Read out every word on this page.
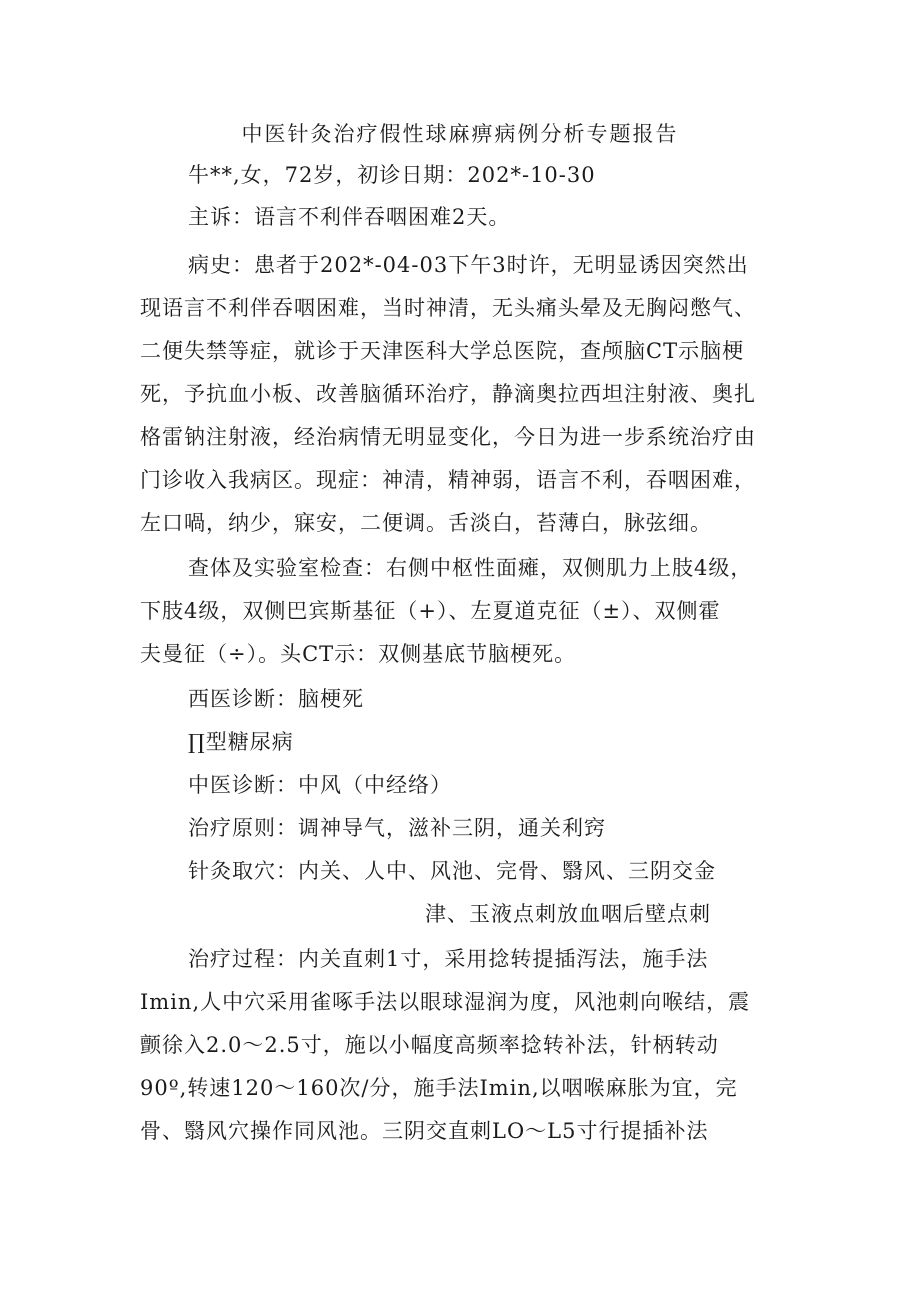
中医针灸治疗假性球麻痹病例分析专题报告
牛**,女，72岁，初诊日期：202*-10-30
主诉：语言不利伴吞咽困难2天。
病史：患者于202*-04-03下午3时许，无明显诱因突然出
现语言不利伴吞咽困难，当时神清，无头痛头晕及无胸闷憋气、
二便失禁等症，就诊于天津医科大学总医院，查颅脑CT示脑梗
死，予抗血小板、改善脑循环治疗，静滴奥拉西坦注射液、奥扎
格雷钠注射液，经治病情无明显变化，今日为进一步系统治疗由
门诊收入我病区。现症：神清，精神弱，语言不利，吞咽困难，
左口喎，纳少，寐安，二便调。舌淡白，苔薄白，脉弦细。
查体及实验室检查：右侧中枢性面瘫，双侧肌力上肢4级，
下肢4级，双侧巴宾斯基征（+）、左夏道克征（±）、双侧霍
夫曼征（÷）。头CT示：双侧基底节脑梗死。
西医诊断：脑梗死
∏型糖尿病
中医诊断：中风（中经络）
治疗原则：调神导气，滋补三阴，通关利窍
针灸取穴：内关、人中、风池、完骨、翳风、三阴交金
津、玉液点刺放血咽后壁点刺
治疗过程：内关直刺1寸，采用捻转提插泻法，施手法
Imin,人中穴采用雀啄手法以眼球湿润为度，风池刺向喉结，震
颤徐入2.0～2.5寸，施以小幅度高频率捻转补法，针柄转动
90º,转速120～160次/分，施手法Imin,以咽喉麻胀为宜，完
骨、翳风穴操作同风池。三阴交直刺LO～L5寸行提插补法
